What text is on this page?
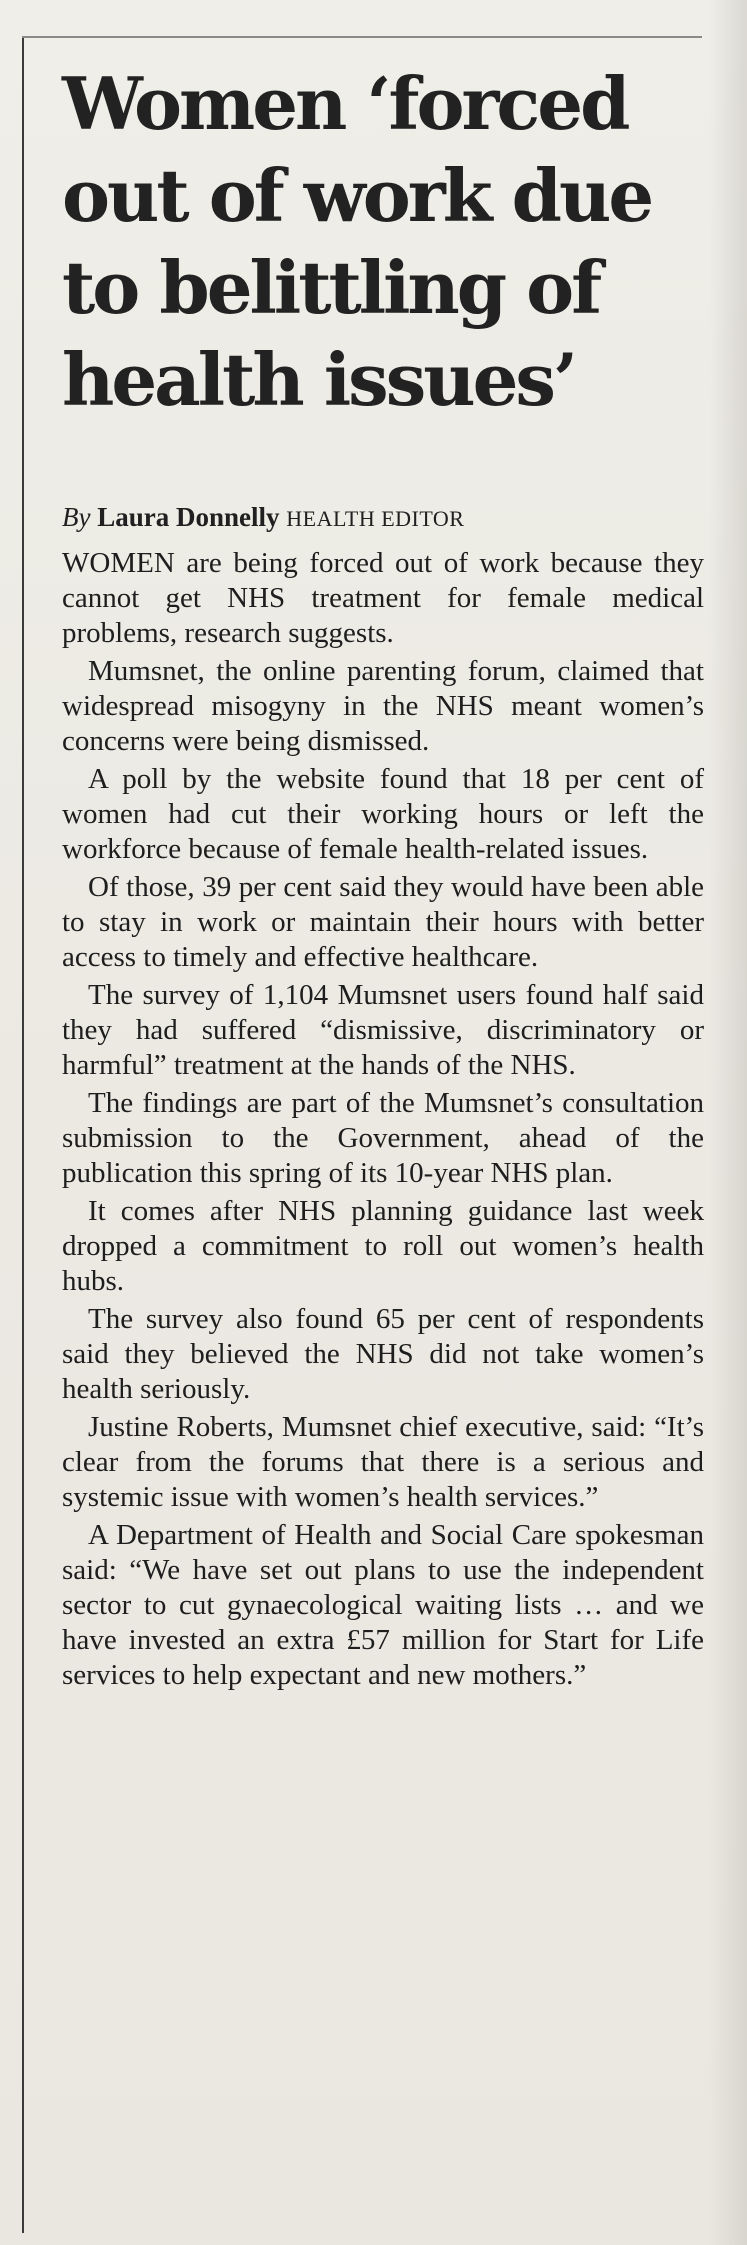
Women ‘forced out of work due to belittling of health issues’
By Laura Donnelly HEALTH EDITOR

WOMEN are being forced out of work because they cannot get NHS treatment for female medical problems, research suggests.

Mumsnet, the online parenting forum, claimed that widespread misogyny in the NHS meant women’s concerns were being dismissed.

A poll by the website found that 18 per cent of women had cut their working hours or left the workforce because of female health-related issues.

Of those, 39 per cent said they would have been able to stay in work or maintain their hours with better access to timely and effective healthcare.

The survey of 1,104 Mumsnet users found half said they had suffered “dismissive, discriminatory or harmful” treatment at the hands of the NHS.

The findings are part of the Mumsnet’s consultation submission to the Government, ahead of the publication this spring of its 10-year NHS plan.

It comes after NHS planning guidance last week dropped a commitment to roll out women’s health hubs.

The survey also found 65 per cent of respondents said they believed the NHS did not take women’s health seriously.

Justine Roberts, Mumsnet chief executive, said: “It’s clear from the forums that there is a serious and systemic issue with women’s health services.”

A Department of Health and Social Care spokesman said: “We have set out plans to use the independent sector to cut gynaecological waiting lists … and we have invested an extra £57 million for Start for Life services to help expectant and new mothers.”
